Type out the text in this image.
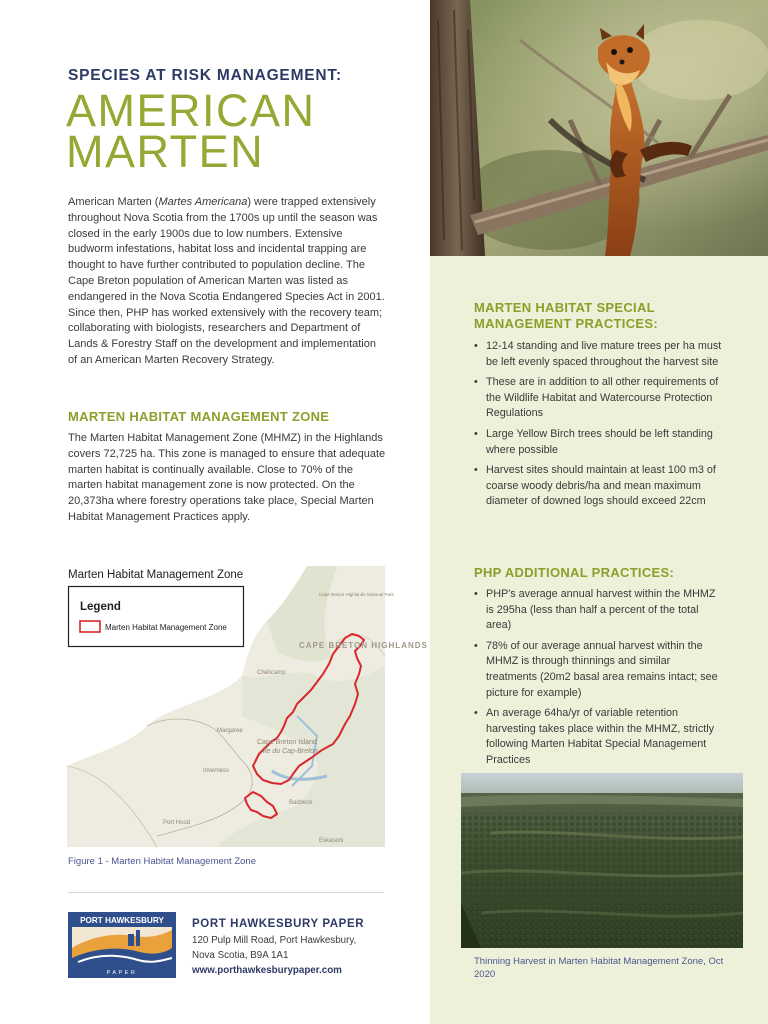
SPECIES AT RISK MANAGEMENT:
AMERICAN
MARTEN

American Marten (Martes Americana) were trapped extensively throughout Nova Scotia from the 1700s up until the season was closed in the early 1900s due to low numbers. Extensive budworm infestations, habitat loss and incidental trapping are thought to have further contributed to population decline. The Cape Breton population of American Marten was listed as endangered in the Nova Scotia Endangered Species Act in 2001. Since then, PHP has worked extensively with the recovery team; collaborating with biologists, researchers and Department of Lands & Forestry Staff on the development and implementation of an American Marten Recovery Strategy.

MARTEN HABITAT MANAGEMENT ZONE

The Marten Habitat Management Zone (MHMZ) in the Highlands covers 72,725 ha. This zone is managed to ensure that adequate marten habitat is continually available. Close to 70% of the marten habitat management zone is now protected. On the 20,373ha where forestry operations take place, Special Marten Habitat Management Practices apply.

Marten Habitat Management Zone
Legend
Marten Habitat Management Zone
CAPE BRETON HIGHLANDS
Cape Breton Island
Île du Cap-Breton
Chéticamp
Inverness
Margaree
Baddeck
Port Hood
Eskasoni
Cape Breton Highlands National Park

Figure 1 - Marten Habitat Management Zone

PORT HAWKESBURY
PAPER

PORT HAWKESBURY PAPER

120 Pulp Mill Road, Port Hawkesbury,

Nova Scotia, B9A 1A1

www.porthawkesburypaper.com

MARTEN HABITAT SPECIAL
MANAGEMENT PRACTICES:
• 12-14 standing and live mature trees per ha must be left evenly spaced throughout the harvest site
• These are in addition to all other requirements of the Wildlife Habitat and Watercourse Protection Regulations
• Large Yellow Birch trees should be left standing where possible
• Harvest sites should maintain at least 100 m3 of coarse woody debris/ha and mean maximum diameter of downed logs should exceed 22cm
PHP ADDITIONAL PRACTICES:
• PHP's average annual harvest within the MHMZ is 295ha (less than half a percent of the total area)
• 78% of our average annual harvest within the MHMZ is through thinnings and similar treatments (20m2 basal area remains intact; see picture for example)
• An average 64ha/yr of variable retention harvesting takes place within the MHMZ, strictly following Marten Habitat Special Management Practices

Thinning Harvest in Marten Habitat Management Zone, Oct 2020
